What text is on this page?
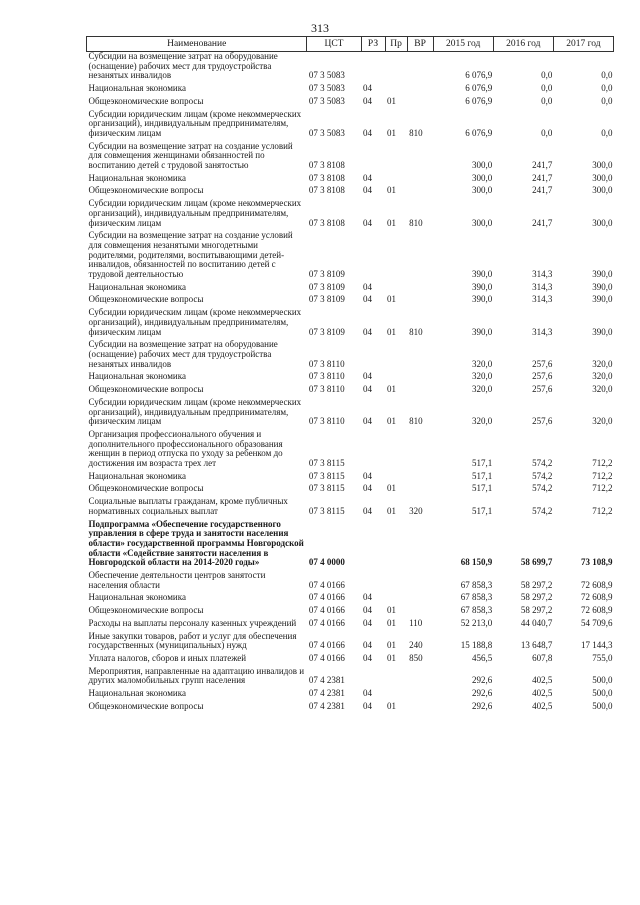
313
Наименование	ЦСТ	РЗ	Пр	ВР	2015 год	2016 год	2017 год
Субсидии на возмещение затрат на оборудование (оснащение) рабочих мест для трудоустройства незанятых инвалидов	07 3 5083				6 076,9	0,0	0,0
Национальная экономика	07 3 5083	04			6 076,9	0,0	0,0
Общеэкономические вопросы	07 3 5083	04	01		6 076,9	0,0	0,0
Субсидии юридическим лицам (кроме некоммерческих организаций), индивидуальным предпринимателям, физическим лицам	07 3 5083	04	01	810	6 076,9	0,0	0,0
Субсидии на возмещение затрат на создание условий для совмещения женщинами обязанностей по воспитанию детей с трудовой занятостью	07 3 8108				300,0	241,7	300,0
Национальная экономика	07 3 8108	04			300,0	241,7	300,0
Общеэкономические вопросы	07 3 8108	04	01		300,0	241,7	300,0
Субсидии юридическим лицам (кроме некоммерческих организаций), индивидуальным предпринимателям, физическим лицам	07 3 8108	04	01	810	300,0	241,7	300,0
Субсидии на возмещение затрат на создание условий для совмещения незанятыми многодетными родителями, родителями, воспитывающими детей-инвалидов, обязанностей по воспитанию детей с трудовой деятельностью	07 3 8109				390,0	314,3	390,0
Национальная экономика	07 3 8109	04			390,0	314,3	390,0
Общеэкономические вопросы	07 3 8109	04	01		390,0	314,3	390,0
Субсидии юридическим лицам (кроме некоммерческих организаций), индивидуальным предпринимателям, физическим лицам	07 3 8109	04	01	810	390,0	314,3	390,0
Субсидии на возмещение затрат на оборудование (оснащение) рабочих мест для трудоустройства незанятых инвалидов	07 3 8110				320,0	257,6	320,0
Национальная экономика	07 3 8110	04			320,0	257,6	320,0
Общеэкономические вопросы	07 3 8110	04	01		320,0	257,6	320,0
Субсидии юридическим лицам (кроме некоммерческих организаций), индивидуальным предпринимателям, физическим лицам	07 3 8110	04	01	810	320,0	257,6	320,0
Организация профессионального обучения и дополнительного профессионального образования женщин в период отпуска по уходу за ребенком до достижения им возраста трех лет	07 3 8115				517,1	574,2	712,2
Национальная экономика	07 3 8115	04			517,1	574,2	712,2
Общеэкономические вопросы	07 3 8115	04	01		517,1	574,2	712,2
Социальные выплаты гражданам, кроме публичных нормативных социальных выплат	07 3 8115	04	01	320	517,1	574,2	712,2
Подпрограмма «Обеспечение государственного управления в сфере труда и занятости населения области» государственной программы Новгородской области «Содействие занятости населения в Новгородской области на 2014-2020 годы»	07 4 0000				68 150,9	58 699,7	73 108,9
Обеспечение деятельности центров занятости населения области	07 4 0166				67 858,3	58 297,2	72 608,9
Национальная экономика	07 4 0166	04			67 858,3	58 297,2	72 608,9
Общеэкономические вопросы	07 4 0166	04	01		67 858,3	58 297,2	72 608,9
Расходы на выплаты персоналу казенных учреждений	07 4 0166	04	01	110	52 213,0	44 040,7	54 709,6
Иные закупки товаров, работ и услуг для обеспечения государственных (муниципальных) нужд	07 4 0166	04	01	240	15 188,8	13 648,7	17 144,3
Уплата налогов, сборов и иных платежей	07 4 0166	04	01	850	456,5	607,8	755,0
Мероприятия, направленные на адаптацию инвалидов и других маломобильных групп населения	07 4 2381				292,6	402,5	500,0
Национальная экономика	07 4 2381	04			292,6	402,5	500,0
Общеэкономические вопросы	07 4 2381	04	01		292,6	402,5	500,0
